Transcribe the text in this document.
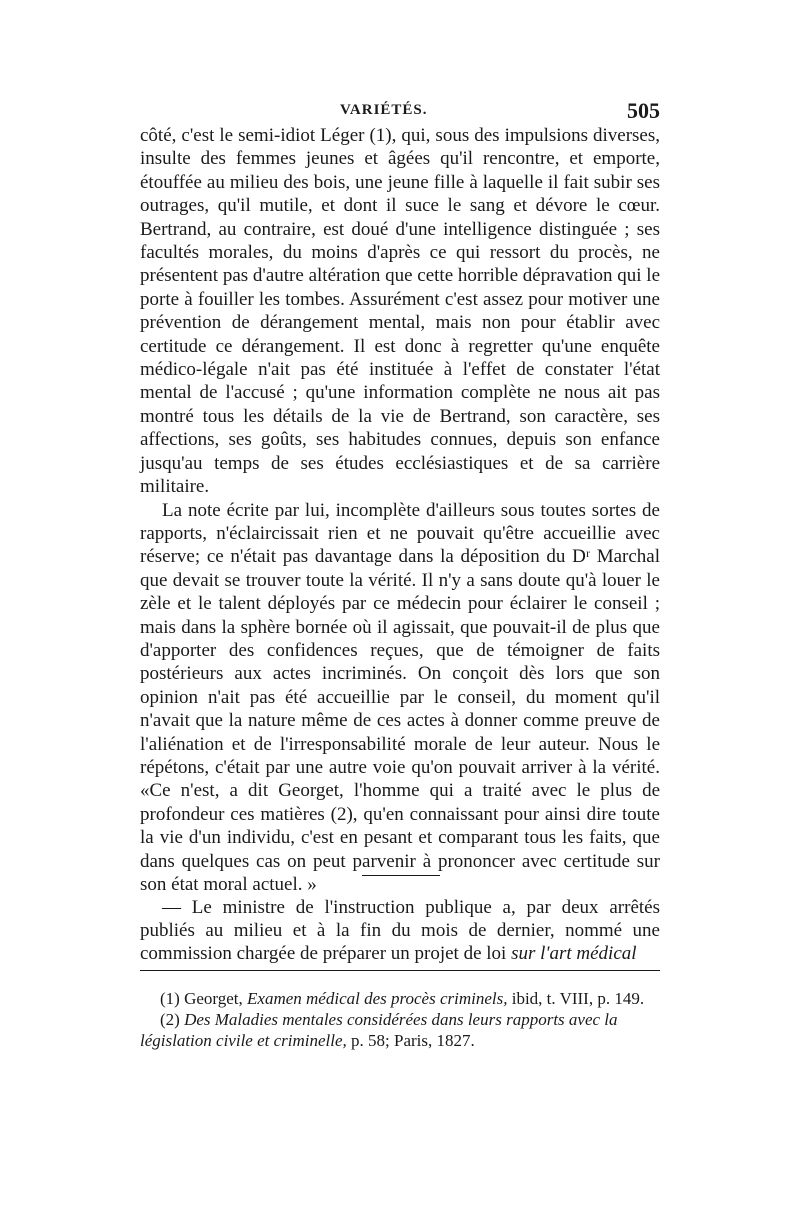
VARIÉTÉS.	505

côté, c'est le semi-idiot Léger (1), qui, sous des impulsions diverses, insulte des femmes jeunes et âgées qu'il rencontre, et emporte, étouffée au milieu des bois, une jeune fille à laquelle il fait subir ses outrages, qu'il mutile, et dont il suce le sang et dévore le cœur. Bertrand, au contraire, est doué d'une intelligence distinguée ; ses facultés morales, du moins d'après ce qui ressort du procès, ne présentent pas d'autre altération que cette horrible dépravation qui le porte à fouiller les tombes. Assurément c'est assez pour motiver une prévention de dérangement mental, mais non pour établir avec certitude ce dérangement. Il est donc à regretter qu'une enquête médico-légale n'ait pas été instituée à l'effet de constater l'état mental de l'accusé ; qu'une information complète ne nous ait pas montré tous les détails de la vie de Bertrand, son caractère, ses affections, ses goûts, ses habitudes connues, depuis son enfance jusqu'au temps de ses études ecclésiastiques et de sa carrière militaire.

La note écrite par lui, incomplète d'ailleurs sous toutes sortes de rapports, n'éclaircissait rien et ne pouvait qu'être accueillie avec réserve; ce n'était pas davantage dans la déposition du Dʳ Marchal que devait se trouver toute la vérité. Il n'y a sans doute qu'à louer le zèle et le talent déployés par ce médecin pour éclairer le conseil ; mais dans la sphère bornée où il agissait, que pouvait-il de plus que d'apporter des confidences reçues, que de témoigner de faits postérieurs aux actes incriminés. On conçoit dès lors que son opinion n'ait pas été accueillie par le conseil, du moment qu'il n'avait que la nature même de ces actes à donner comme preuve de l'aliénation et de l'irresponsabilité morale de leur auteur. Nous le répétons, c'était par une autre voie qu'on pouvait arriver à la vérité. «Ce n'est, a dit Georget, l'homme qui a traité avec le plus de profondeur ces matières (2), qu'en connaissant pour ainsi dire toute la vie d'un individu, c'est en pesant et comparant tous les faits, que dans quelques cas on peut parvenir à prononcer avec certitude sur son état moral actuel. »

— Le ministre de l'instruction publique a, par deux arrêtés publiés au milieu et à la fin du mois de dernier, nommé une commission chargée de préparer un projet de loi sur l'art médical

(1) Georget, Examen médical des procès criminels, ibid, t. VIII, p. 149.

(2) Des Maladies mentales considérées dans leurs rapports avec la législation civile et criminelle, p. 58; Paris, 1827.
